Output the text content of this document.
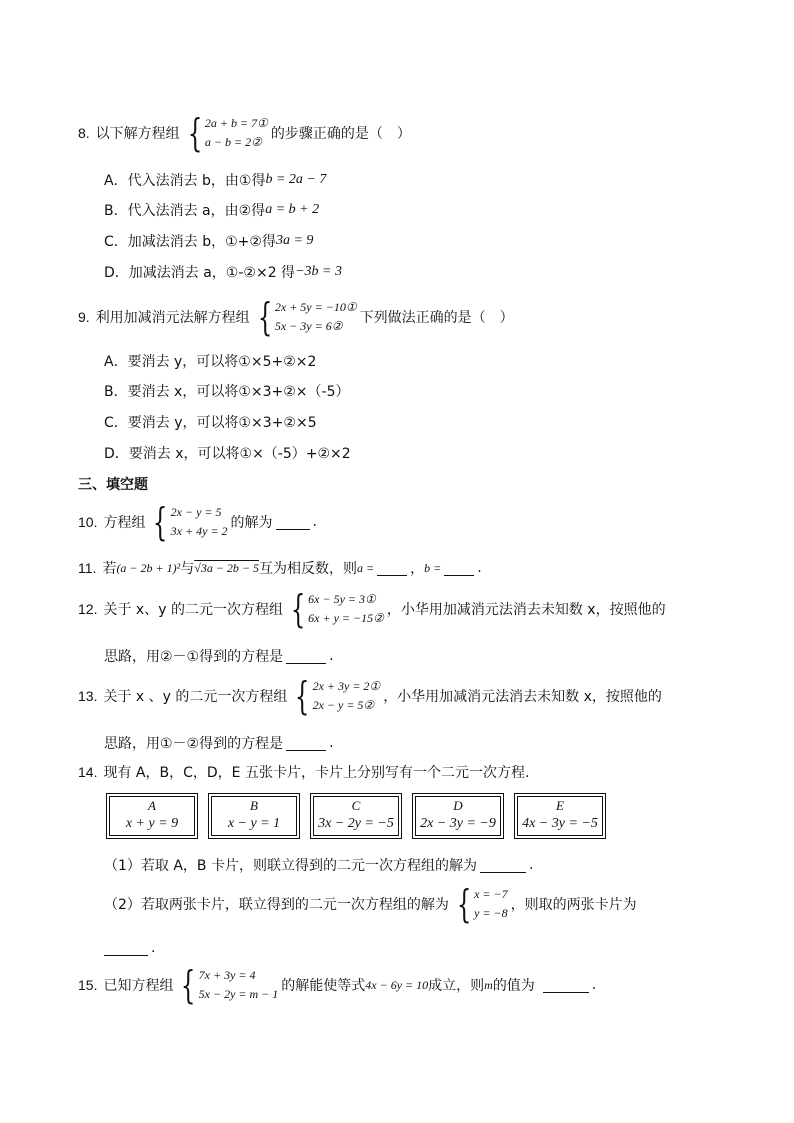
8. 以下解方程组 { 2a + b = 7①
a − b = 2② 的步骤正确的是（　）
A．代入法消去 b，由①得 b = 2a − 7
B．代入法消去 a，由②得 a = b + 2
C．加减法消去 b，①+②得 3a = 9
D．加减法消去 a，①-②×2 得 −3b = 3
9. 利用加减消元法解方程组 { 2x + 5y = −10①
5x − 3y = 6②	下列做法正确的是（　）
A．要消去 y，可以将①×5+②×2
B．要消去 x，可以将①×3+②×（-5）
C．要消去 y，可以将①×3+②×5
D．要消去 x，可以将①×（-5）+②×2
三、填空题
10. 方程组 { 2x − y = 5
3x + 4y = 2 的解为	.
11. 若 (a − 2b + 1)² 与 √3a − 2b − 5 互为相反数，则 a =	， b =	.
12. 关于 x、y 的二元一次方程组 { 6x − 5y = 3①
6x + y = −15② ，小华用加减消元法消去未知数 x，按照他的
思路，用②－①得到的方程是	.
13. 关于 x 、y 的二元一次方程组 { 2x + 3y = 2①
2x − y = 5② ，小华用加减消元法消去未知数 x，按照他的
思路，用①－②得到的方程是	.
14. 现有 A，B，C，D，E 五张卡片，卡片上分别写有一个二元一次方程.
A
x + y = 9
B
x − y = 1
C
3x − 2y = −5
D
2x − 3y = −9
E
4x − 3y = −5
（1）若取 A，B 卡片，则联立得到的二元一次方程组的解为	.
（2）若取两张卡片，联立得到的二元一次方程组的解为 { x = −7
y = −8 ，则取的两张卡片为
.
15. 已知方程组 { 7x + 3y = 4
5x − 2y = m − 1 的解能使等式 4x − 6y = 10 成立，则 m 的值为	.
